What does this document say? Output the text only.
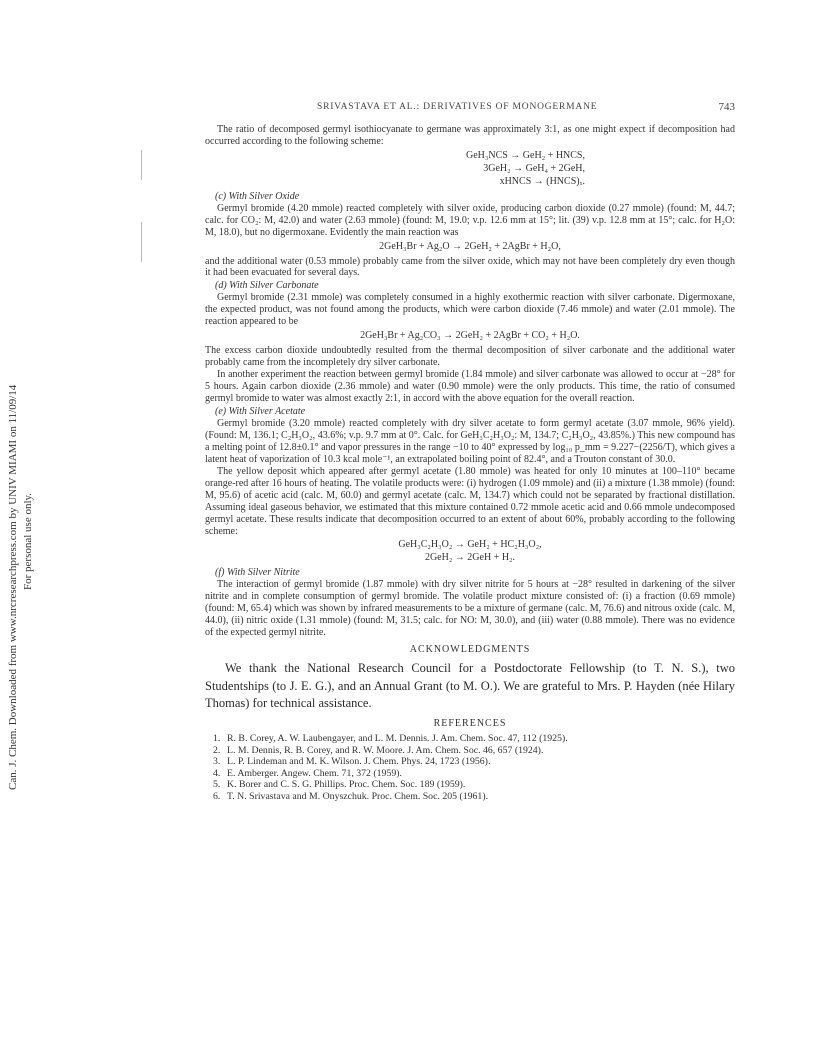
Can. J. Chem. Downloaded from www.nrcresearchpress.com by UNIV MIAMI on 11/09/14 For personal use only.
SRIVASTAVA ET AL.: DERIVATIVES OF MONOGERMANE	743

The ratio of decomposed germyl isothiocyanate to germane was approximately 3:1, as one might expect if decomposition had occurred according to the following scheme:

GeH₃NCS → GeH₂ + HNCS,
3GeH₂ → GeH₄ + 2GeH,
xHNCS → (HNCS)ₓ.
(c) With Silver Oxide

Germyl bromide (4.20 mmole) reacted completely with silver oxide, producing carbon dioxide (0.27 mmole) (found: M, 44.7; calc. for CO₂: M, 42.0) and water (2.63 mmole) (found: M, 19.0; v.p. 12.6 mm at 15°; lit. (39) v.p. 12.8 mm at 15°; calc. for H₂O: M, 18.0), but no digermoxane. Evidently the main reaction was

2GeH₃Br + Ag₂O → 2GeH₂ + 2AgBr + H₂O,

and the additional water (0.53 mmole) probably came from the silver oxide, which may not have been completely dry even though it had been evacuated for several days.

(d) With Silver Carbonate

Germyl bromide (2.31 mmole) was completely consumed in a highly exothermic reaction with silver carbonate. Digermoxane, the expected product, was not found among the products, which were carbon dioxide (7.46 mmole) and water (2.01 mmole). The reaction appeared to be

2GeH₃Br + Ag₂CO₃ → 2GeH₂ + 2AgBr + CO₂ + H₂O.

The excess carbon dioxide undoubtedly resulted from the thermal decomposition of silver carbonate and the additional water probably came from the incompletely dry silver carbonate.

In another experiment the reaction between germyl bromide (1.84 mmole) and silver carbonate was allowed to occur at −28° for 5 hours. Again carbon dioxide (2.36 mmole) and water (0.90 mmole) were the only products. This time, the ratio of consumed germyl bromide to water was almost exactly 2:1, in accord with the above equation for the overall reaction.

(e) With Silver Acetate

Germyl bromide (3.20 mmole) reacted completely with dry silver acetate to form germyl acetate (3.07 mmole, 96% yield). (Found: M, 136.1; C₂H₃O₂, 43.6%; v.p. 9.7 mm at 0°. Calc. for GeH₃C₂H₃O₂: M, 134.7; C₂H₃O₂, 43.85%.) This new compound has a melting point of 12.8±0.1° and vapor pressures in the range −10 to 40° expressed by log₁₀ p_mm = 9.227−(2256/T), which gives a latent heat of vaporization of 10.3 kcal mole⁻¹, an extrapolated boiling point of 82.4°, and a Trouton constant of 30.0.

The yellow deposit which appeared after germyl acetate (1.80 mmole) was heated for only 10 minutes at 100–110° became orange-red after 16 hours of heating. The volatile products were: (i) hydrogen (1.09 mmole) and (ii) a mixture (1.38 mmole) (found: M, 95.6) of acetic acid (calc. M, 60.0) and germyl acetate (calc. M, 134.7) which could not be separated by fractional distillation. Assuming ideal gaseous behavior, we estimated that this mixture contained 0.72 mmole acetic acid and 0.66 mmole undecomposed germyl acetate. These results indicate that decomposition occurred to an extent of about 60%, probably according to the following scheme:

GeH₃C₂H₃O₂ → GeH₂ + HC₂H₃O₂,
2GeH₂ → 2GeH + H₂.
(f) With Silver Nitrite

The interaction of germyl bromide (1.87 mmole) with dry silver nitrite for 5 hours at −28° resulted in darkening of the silver nitrite and in complete consumption of germyl bromide. The volatile product mixture consisted of: (i) a fraction (0.69 mmole) (found: M, 65.4) which was shown by infrared measurements to be a mixture of germane (calc. M, 76.6) and nitrous oxide (calc. M, 44.0), (ii) nitric oxide (1.31 mmole) (found: M, 31.5; calc. for NO: M, 30.0), and (iii) water (0.88 mmole). There was no evidence of the expected germyl nitrite.

ACKNOWLEDGMENTS

We thank the National Research Council for a Postdoctorate Fellowship (to T. N. S.), two Studentships (to J. E. G.), and an Annual Grant (to M. O.). We are grateful to Mrs. P. Hayden (née Hilary Thomas) for technical assistance.

REFERENCES
1. R. B. Corey, A. W. Laubengayer, and L. M. Dennis. J. Am. Chem. Soc. 47, 112 (1925).
2. L. M. Dennis, R. B. Corey, and R. W. Moore. J. Am. Chem. Soc. 46, 657 (1924).
3. L. P. Lindeman and M. K. Wilson. J. Chem. Phys. 24, 1723 (1956).
4. E. Amberger. Angew. Chem. 71, 372 (1959).
5. K. Borer and C. S. G. Phillips. Proc. Chem. Soc. 189 (1959).
6. T. N. Srivastava and M. Onyszchuk. Proc. Chem. Soc. 205 (1961).
